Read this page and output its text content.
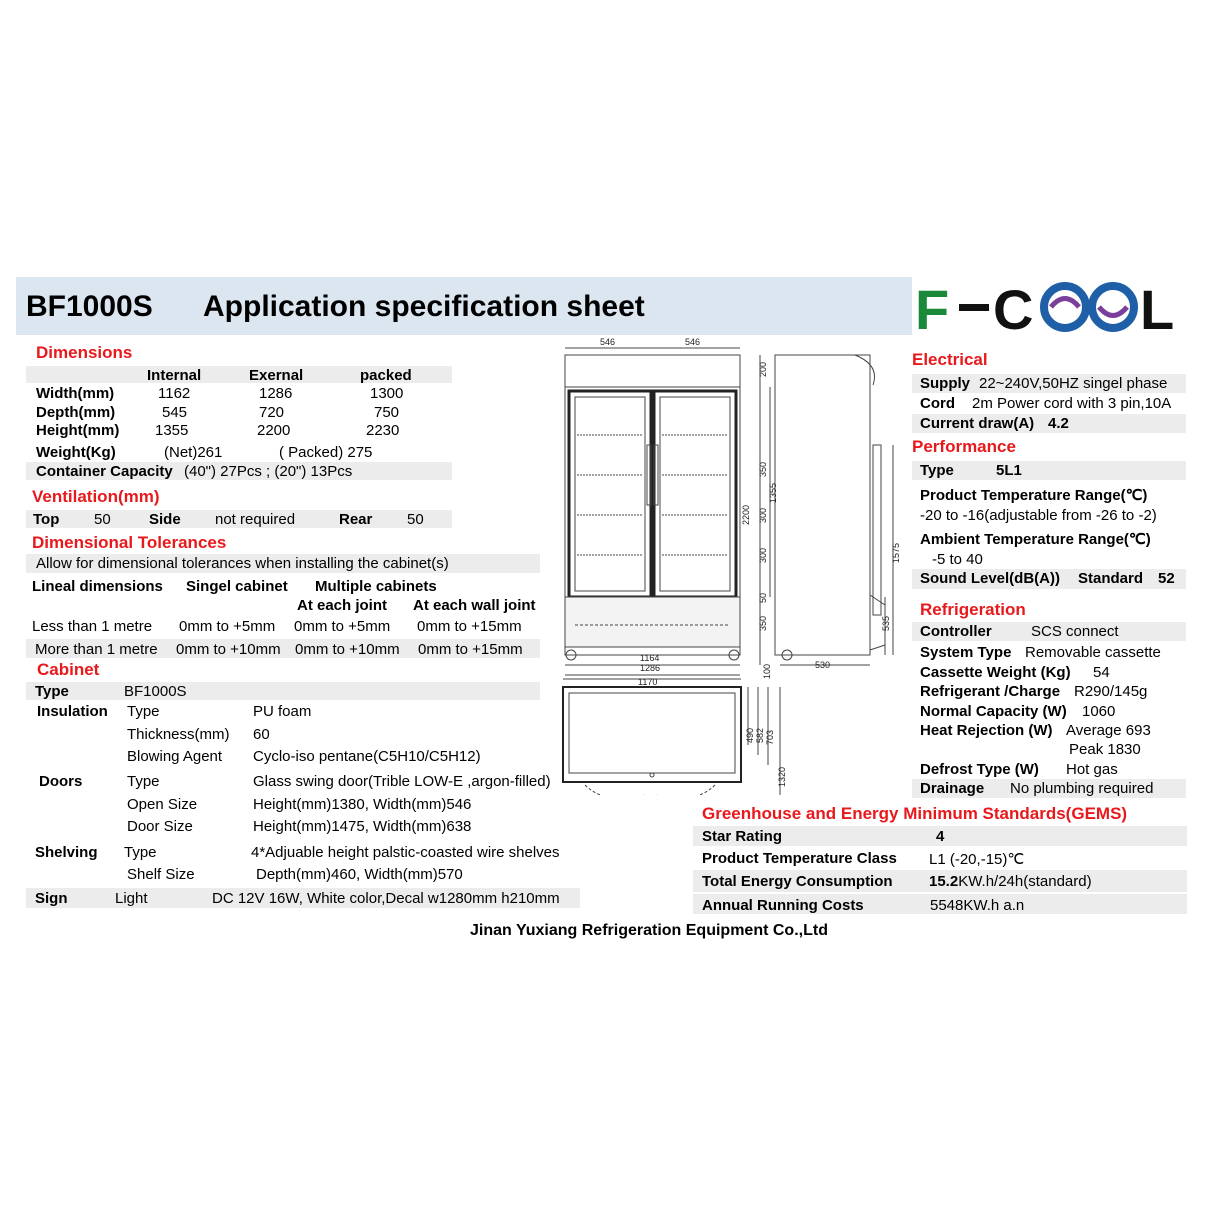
BF1000S Application specification sheet	F C L
Dimensions
Internal	Exernal	packed
Width(mm)	1162	1286	1300
Depth(mm)	545	720	750
Height(mm) 1355	2200	2230
Weight(Kg)	(Net)261	( Packed) 275
Container Capacity (40") 27Pcs ; (20") 13Pcs
Ventilation(mm)
Top 50	Side not required	Rear 50
Dimensional Tolerances
Allow for dimensional tolerances when installing the cabinet(s)
Lineal dimensions Singel cabinet Multiple cabinets
At each joint At each wall joint
Less than 1 metre 0mm to +5mm 0mm to +5mm 0mm to +15mm
More than 1 metre 0mm to +10mm 0mm to +10mm 0mm to +15mm
Cabinet
Type	BF1000S
Insulation Type	PU foam
Thickness(mm) 60
Blowing Agent Cyclo-iso pentane(C5H10/C5H12)
Doors	Type	Glass swing door(Trible LOW-E ,argon-filled)
Open Size	Height(mm)1380, Width(mm)546
Door Size	Height(mm)1475, Width(mm)638
Shelving Type	4*Adjuable height palstic-coasted wire shelves
Shelf Size	Depth(mm)460, Width(mm)570
Sign	Light	DC 12V 16W, White color,Decal w1280mm h210mm
546	546
1164
1286
1170
530
200
350
300
300
50
350
100
1355
2200
1575
535
490 582 703
1320
Electrical
Supply 22~240V,50HZ singel phase
Cord 2m Power cord with 3 pin,10A
Current draw(A) 4.2
Performance
Type	5L1
Product Temperature Range(℃)
-20 to -16(adjustable from -26 to -2)
Ambient Temperature Range(℃)
-5 to 40
Sound Level(dB(A)) Standard 52
Refrigeration
Controller	SCS connect
System Type Removable cassette
Cassette Weight (Kg) 54
Refrigerant /Charge R290/145g
Normal Capacity (W) 1060
Heat Rejection (W) Average 693
Peak 1830
Defrost Type (W) Hot gas
Drainage No plumbing required
Greenhouse and Energy Minimum Standards(GEMS)
Star Rating	4
Product Temperature Class L1 (-20,-15)℃
Total Energy Consumption 15.2KW.h/24h(standard)
Annual Running Costs	5548KW.h a.n
Jinan Yuxiang Refrigeration Equipment Co.,Ltd
